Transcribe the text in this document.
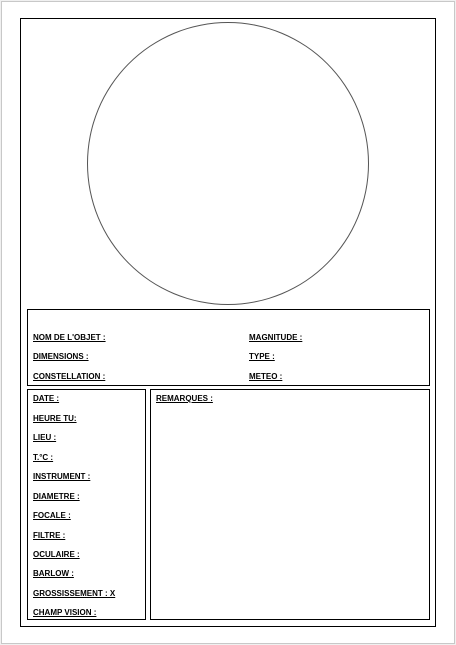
NOM DE L'OBJET :
DIMENSIONS :
CONSTELLATION :
MAGNITUDE :
TYPE :
METEO :
DATE :
HEURE TU:
LIEU :
T.°C :
INSTRUMENT :
DIAMETRE :
FOCALE :
FILTRE :
OCULAIRE :
BARLOW :
GROSSISSEMENT : X
CHAMP VISION :
REMARQUES :
